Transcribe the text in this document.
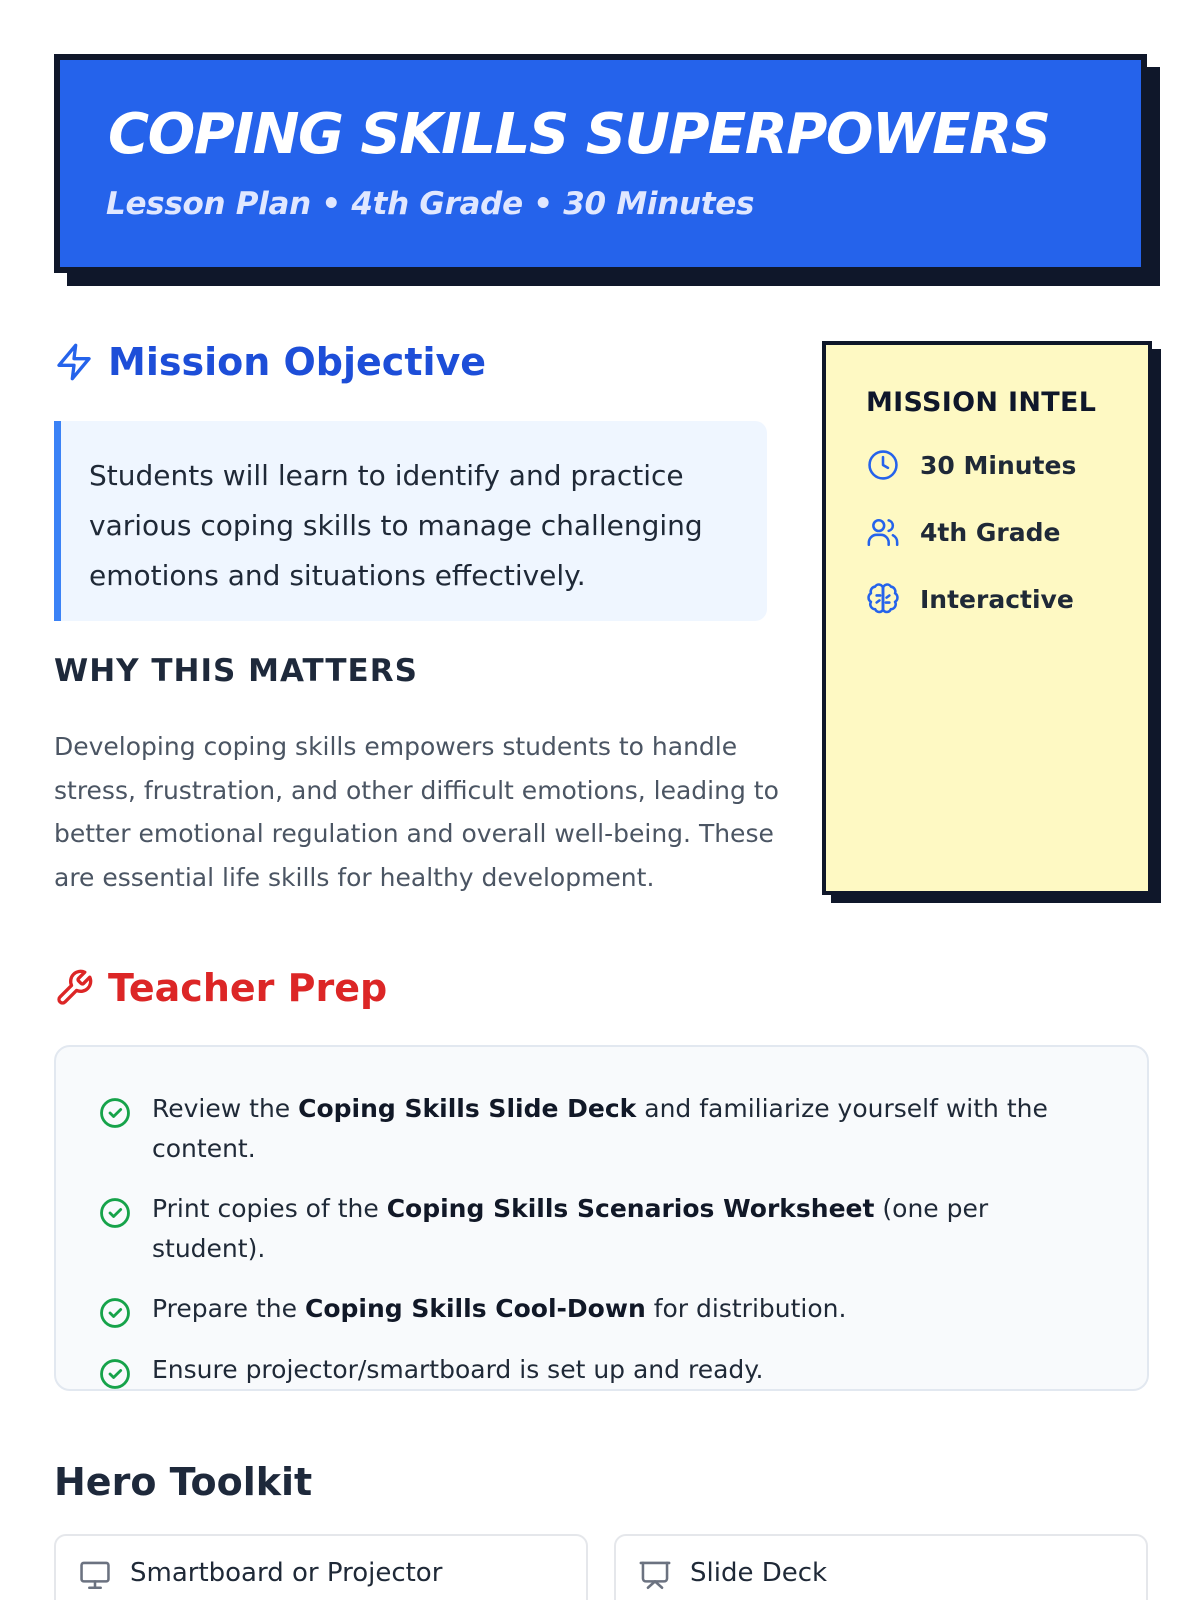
COPING SKILLS SUPERPOWERS
Lesson Plan • 4th Grade • 30 Minutes
Mission Objective
Students will learn to identify and practice various coping skills to manage challenging emotions and situations effectively.
WHY THIS MATTERS
Developing coping skills empowers students to handle stress, frustration, and other difficult emotions, leading to better emotional regulation and overall well-being. These are essential life skills for healthy development.
MISSION INTEL
30 Minutes
4th Grade
Interactive
Teacher Prep
Review the Coping Skills Slide Deck and familiarize yourself with the content.
Print copies of the Coping Skills Scenarios Worksheet (one per student).
Prepare the Coping Skills Cool-Down for distribution.
Ensure projector/smartboard is set up and ready.
Hero Toolkit
Smartboard or Projector	Slide Deck
